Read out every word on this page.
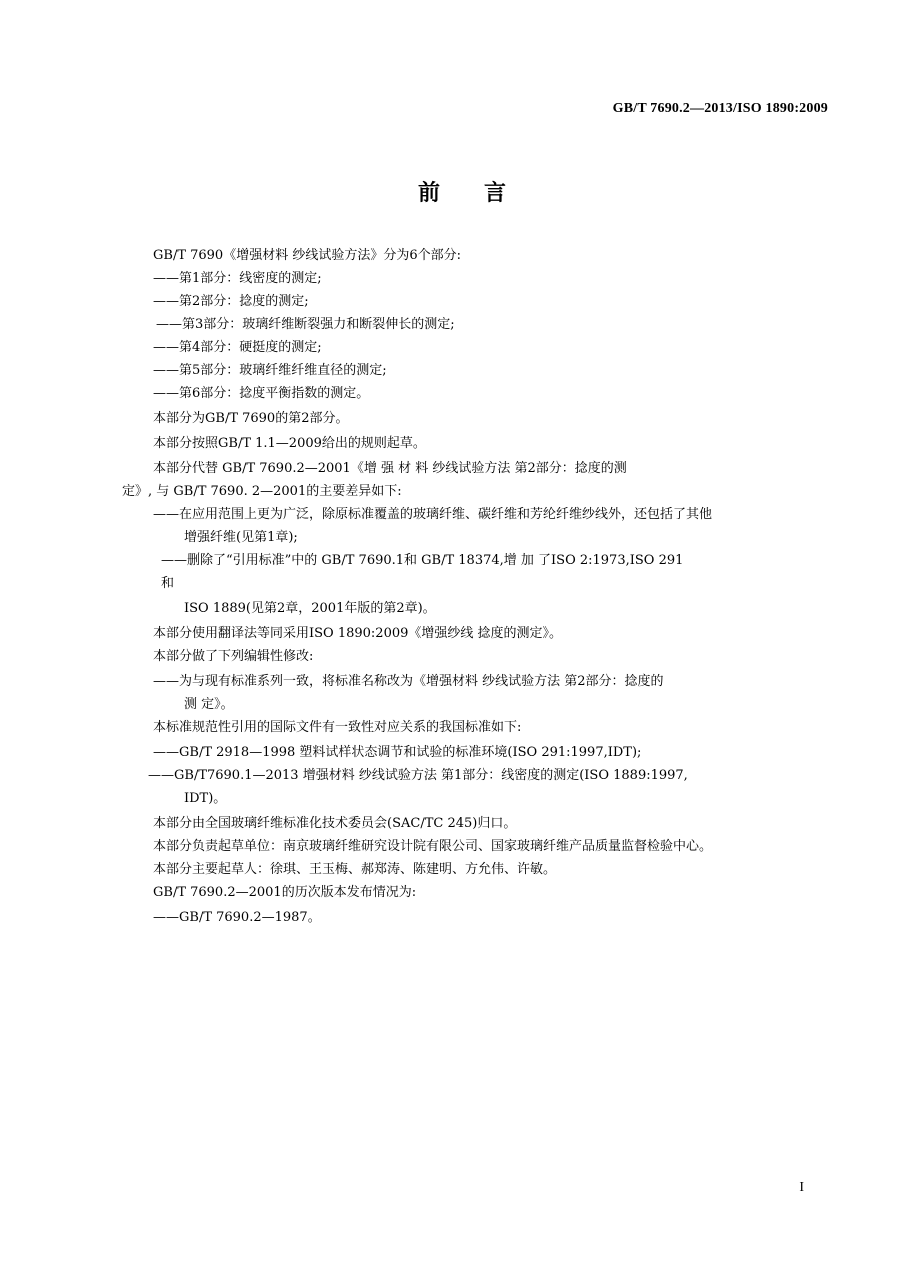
GB/T 7690.2—2013/ISO 1890:2009
前言
GB/T 7690《增强材料 纱线试验方法》分为6个部分:
——第1部分：线密度的测定;
——第2部分：捻度的测定;
——第3部分：玻璃纤维断裂强力和断裂伸长的测定;
——第4部分：硬挺度的测定;
——第5部分：玻璃纤维纤维直径的测定;
——第6部分：捻度平衡指数的测定。
本部分为GB/T 7690的第2部分。
本部分按照GB/T 1.1—2009给出的规则起草。
本部分代替 GB/T 7690.2—2001《增 强 材 料 纱线试验方法 第2部分：捻度的测
定》, 与 GB/T 7690. 2—2001的主要差异如下:
——在应用范围上更为广泛，除原标准覆盖的玻璃纤维、碳纤维和芳纶纤维纱线外，还包括了其他
增强纤维(见第1章);
——删除了“引用标准”中的 GB/T 7690.1和 GB/T 18374,增 加 了ISO 2:1973,ISO 291
和
ISO 1889(见第2章，2001年版的第2章)。
本部分使用翻译法等同采用ISO 1890:2009《增强纱线 捻度的测定》。
本部分做了下列编辑性修改:
——为与现有标准系列一致，将标准名称改为《增强材料 纱线试验方法 第2部分：捻度的
测 定》。
本标准规范性引用的国际文件有一致性对应关系的我国标准如下:
——GB/T 2918—1998 塑料试样状态调节和试验的标准环境(ISO 291:1997,IDT);
——GB/T7690.1—2013 增强材料 纱线试验方法 第1部分：线密度的测定(ISO 1889:1997,
IDT)。
本部分由全国玻璃纤维标准化技术委员会(SAC/TC 245)归口。
本部分负责起草单位：南京玻璃纤维研究设计院有限公司、国家玻璃纤维产品质量监督检验中心。
本部分主要起草人：徐琪、王玉梅、郝郑涛、陈建明、方允伟、许敏。
GB/T 7690.2—2001的历次版本发布情况为:
——GB/T 7690.2—1987。
I
